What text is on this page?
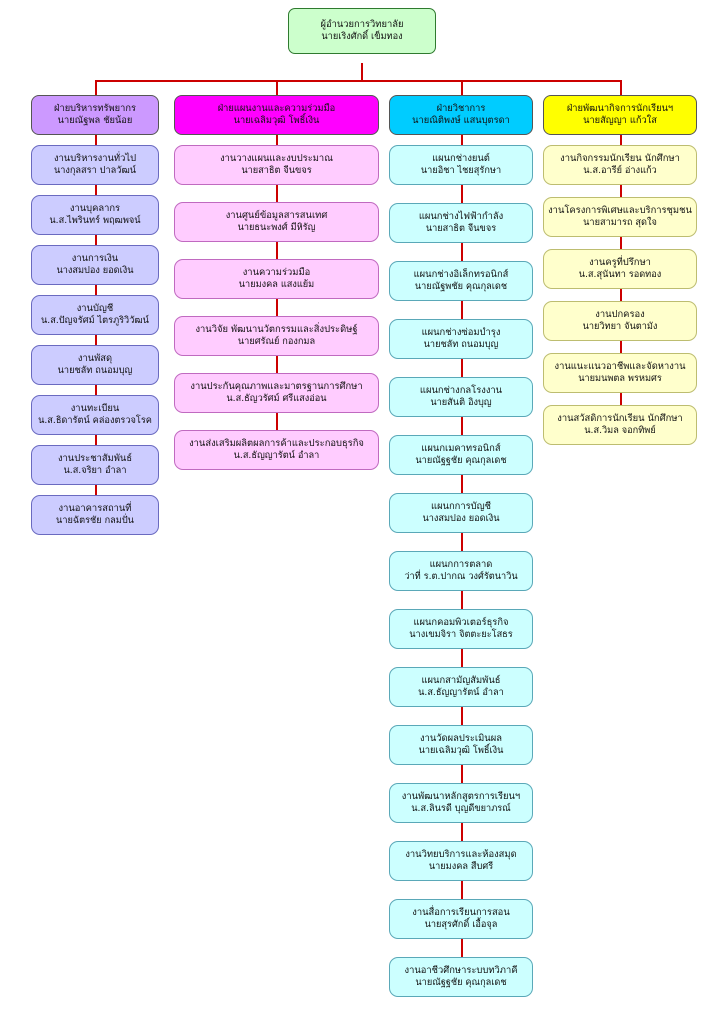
ผู้อำนวยการวิทยาลัย
นายเริงศักดิ์ เข็มทอง
ฝ่ายบริหารทรัพยากร
นายณัฐพล ชัยน้อย
ฝ่ายแผนงานและความร่วมมือ
นายเฉลิมวุฒิ โพธิ์เงิน
ฝ่ายวิชาการ
นายณิติพงษ์ แสนบุตรดา
ฝ่ายพัฒนากิจการนักเรียนฯ
นายสัญญา แก้วใส
งานบริหารงานทั่วไป
นางกุลสรา ปาลวัฒน์
งานบุคลากร
น.ส.ไพรินทร์ พฤฒพจน์
งานการเงิน
นางสมปอง ยอดเงิน
งานบัญชี
น.ส.ปัญจรัศม์ ไตรภูริวิวัฒน์
งานพัสดุ
นายชลัท ถนอมบุญ
งานทะเบียน
น.ส.ธิดารัตน์ คล่องตรวจโรค
งานประชาสัมพันธ์
น.ส.จริยา อำลา
งานอาคารสถานที่
นายฉัตรชัย กลมปั่น
งานวางแผนและงบประมาณ
นายสาธิต จีนขจร
งานศูนย์ข้อมูลสารสนเทศ
นายธนะพงศ์ มีหิรัญ
งานความร่วมมือ
นายมงคล แสงแย้ม
งานวิจัย พัฒนานวัตกรรมและสิ่งประดิษฐ์
นายศรัณย์ กองกมล
งานประกันคุณภาพและมาตรฐานการศึกษา
น.ส.ธัญวรัศม์ ศรีแสงอ่อน
งานส่งเสริมผลิตผลการค้าและประกอบธุรกิจ
น.ส.ธัญญารัตน์ อำลา
แผนกช่างยนต์
นายอิชา ไชยสุรักษา
แผนกช่างไฟฟ้ากำลัง
นายสาธิต จีนขจร
แผนกช่างอิเล็กทรอนิกส์
นายณัฐพชัย คุณกุลเดช
แผนกช่างซ่อมบำรุง
นายชลัท ถนอมบุญ
แผนกช่างกลโรงงาน
นายสันติ อิงบุญ
แผนกเมคาทรอนิกส์
นายณัฐฐชัย คุณกุลเดช
แผนกการบัญชี
นางสมปอง ยอดเงิน
แผนกการตลาด
ว่าที่ ร.ต.ปากณ วงศ์รัตนาวิน
แผนกคอมพิวเตอร์ธุรกิจ
นางเขมจิรา จิตตะยะโสธร
แผนกสามัญสัมพันธ์
น.ส.ธัญญารัตน์ อำลา
งานวัดผลประเมินผล
นายเฉลิมวุฒิ โพธิ์เงิน
งานพัฒนาหลักสูตรการเรียนฯ
น.ส.ลินรดี บุญดีขยาภรณ์
งานวิทยบริการและห้องสมุด
นายมงคล สืบศรี
งานสื่อการเรียนการสอน
นายสุรศักดิ์ เอื้อจุล
งานอาชีวศึกษาระบบทวิภาคี
นายณัฐฐชัย คุณกุลเดช
งานกิจกรรมนักเรียน นักศึกษา
น.ส.อารีย์ อ่างแก้ว
งานโครงการพิเศษและบริการชุมชน
นายสามารถ สุดใจ
งานครูที่ปรึกษา
น.ส.สุนันทา รอดทอง
งานปกครอง
นายวิทยา จันตามัง
งานแนะแนวอาชีพและจัดหางาน
นายมนพตล พรหมศร
งานสวัสดิการนักเรียน นักศึกษา
น.ส.วิมล จอกทิพย์
